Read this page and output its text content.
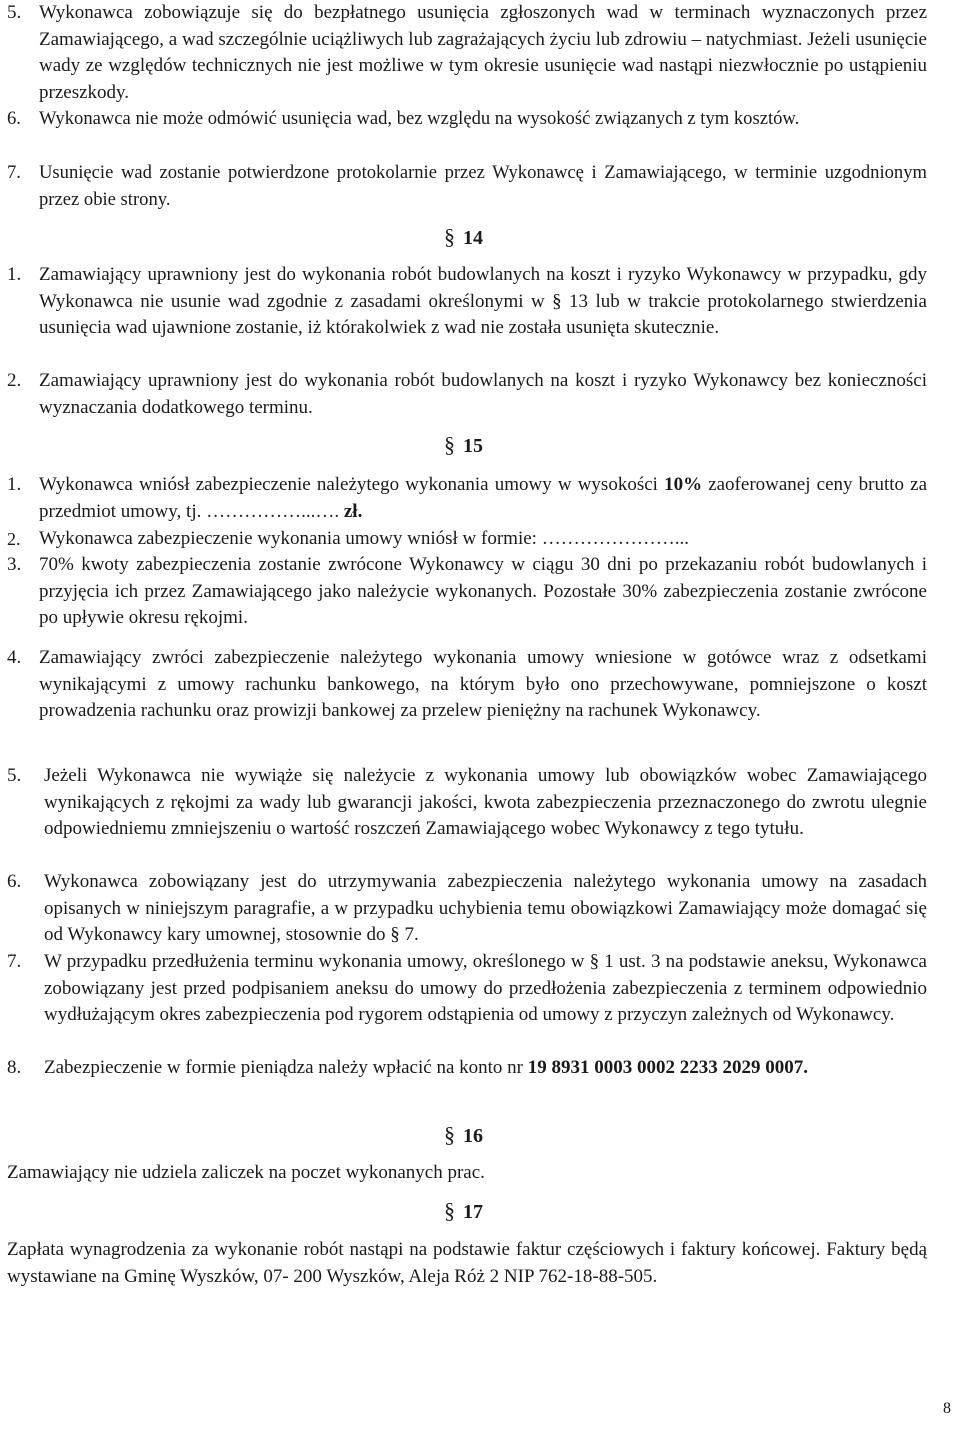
5. Wykonawca zobowiązuje się do bezpłatnego usunięcia zgłoszonych wad w terminach wyznaczonych przez Zamawiającego, a wad szczególnie uciążliwych lub zagrażających życiu lub zdrowiu – natychmiast. Jeżeli usunięcie wady ze względów technicznych nie jest możliwe w tym okresie usunięcie wad nastąpi niezwłocznie po ustąpieniu przeszkody.
6. Wykonawca nie może odmówić usunięcia wad, bez względu na wysokość związanych z tym kosztów.
7. Usunięcie wad zostanie potwierdzone protokolarnie przez Wykonawcę i Zamawiającego, w terminie uzgodnionym przez obie strony.
§ 14
1. Zamawiający uprawniony jest do wykonania robót budowlanych na koszt i ryzyko Wykonawcy w przypadku, gdy Wykonawca nie usunie wad zgodnie z zasadami określonymi w § 13 lub w trakcie protokolarnego stwierdzenia usunięcia wad ujawnione zostanie, iż którakolwiek z wad nie została usunięta skutecznie.
2. Zamawiający uprawniony jest do wykonania robót budowlanych na koszt i ryzyko Wykonawcy bez konieczności wyznaczania dodatkowego terminu.
§ 15
1. Wykonawca wniósł zabezpieczenie należytego wykonania umowy w wysokości 10% zaoferowanej ceny brutto za przedmiot umowy, tj. ……………...…. zł.
2. Wykonawca zabezpieczenie wykonania umowy wniósł w formie: …………………...
3. 70% kwoty zabezpieczenia zostanie zwrócone Wykonawcy w ciągu 30 dni po przekazaniu robót budowlanych i przyjęcia ich przez Zamawiającego jako należycie wykonanych. Pozostałe 30% zabezpieczenia zostanie zwrócone po upływie okresu rękojmi.
4. Zamawiający zwróci zabezpieczenie należytego wykonania umowy wniesione w gotówce wraz z odsetkami wynikającymi z umowy rachunku bankowego, na którym było ono przechowywane, pomniejszone o koszt prowadzenia rachunku oraz prowizji bankowej za przelew pieniężny na rachunek Wykonawcy.
5.	Jeżeli Wykonawca nie wywiąże się należycie z wykonania umowy lub obowiązków wobec Zamawiającego wynikających z rękojmi za wady lub gwarancji jakości, kwota zabezpieczenia przeznaczonego do zwrotu ulegnie odpowiedniemu zmniejszeniu o wartość roszczeń Zamawiającego wobec Wykonawcy z tego tytułu.
6.	Wykonawca zobowiązany jest do utrzymywania zabezpieczenia należytego wykonania umowy na zasadach opisanych w niniejszym paragrafie, a w przypadku uchybienia temu obowiązkowi Zamawiający może domagać się od Wykonawcy kary umownej, stosownie do § 7.
7.	W przypadku przedłużenia terminu wykonania umowy, określonego w § 1 ust. 3 na podstawie aneksu, Wykonawca zobowiązany jest przed podpisaniem aneksu do umowy do przedłożenia zabezpieczenia z terminem odpowiednio wydłużającym okres zabezpieczenia pod rygorem odstąpienia od umowy z przyczyn zależnych od Wykonawcy.
8.	Zabezpieczenie w formie pieniądza należy wpłacić na konto nr 19 8931 0003 0002 2233 2029 0007.
§ 16
Zamawiający nie udziela zaliczek na poczet wykonanych prac.
§ 17
Zapłata wynagrodzenia za wykonanie robót nastąpi na podstawie faktur częściowych i faktury końcowej. Faktury będą wystawiane na Gminę Wyszków, 07- 200 Wyszków, Aleja Róż 2 NIP 762-18-88-505.
8
